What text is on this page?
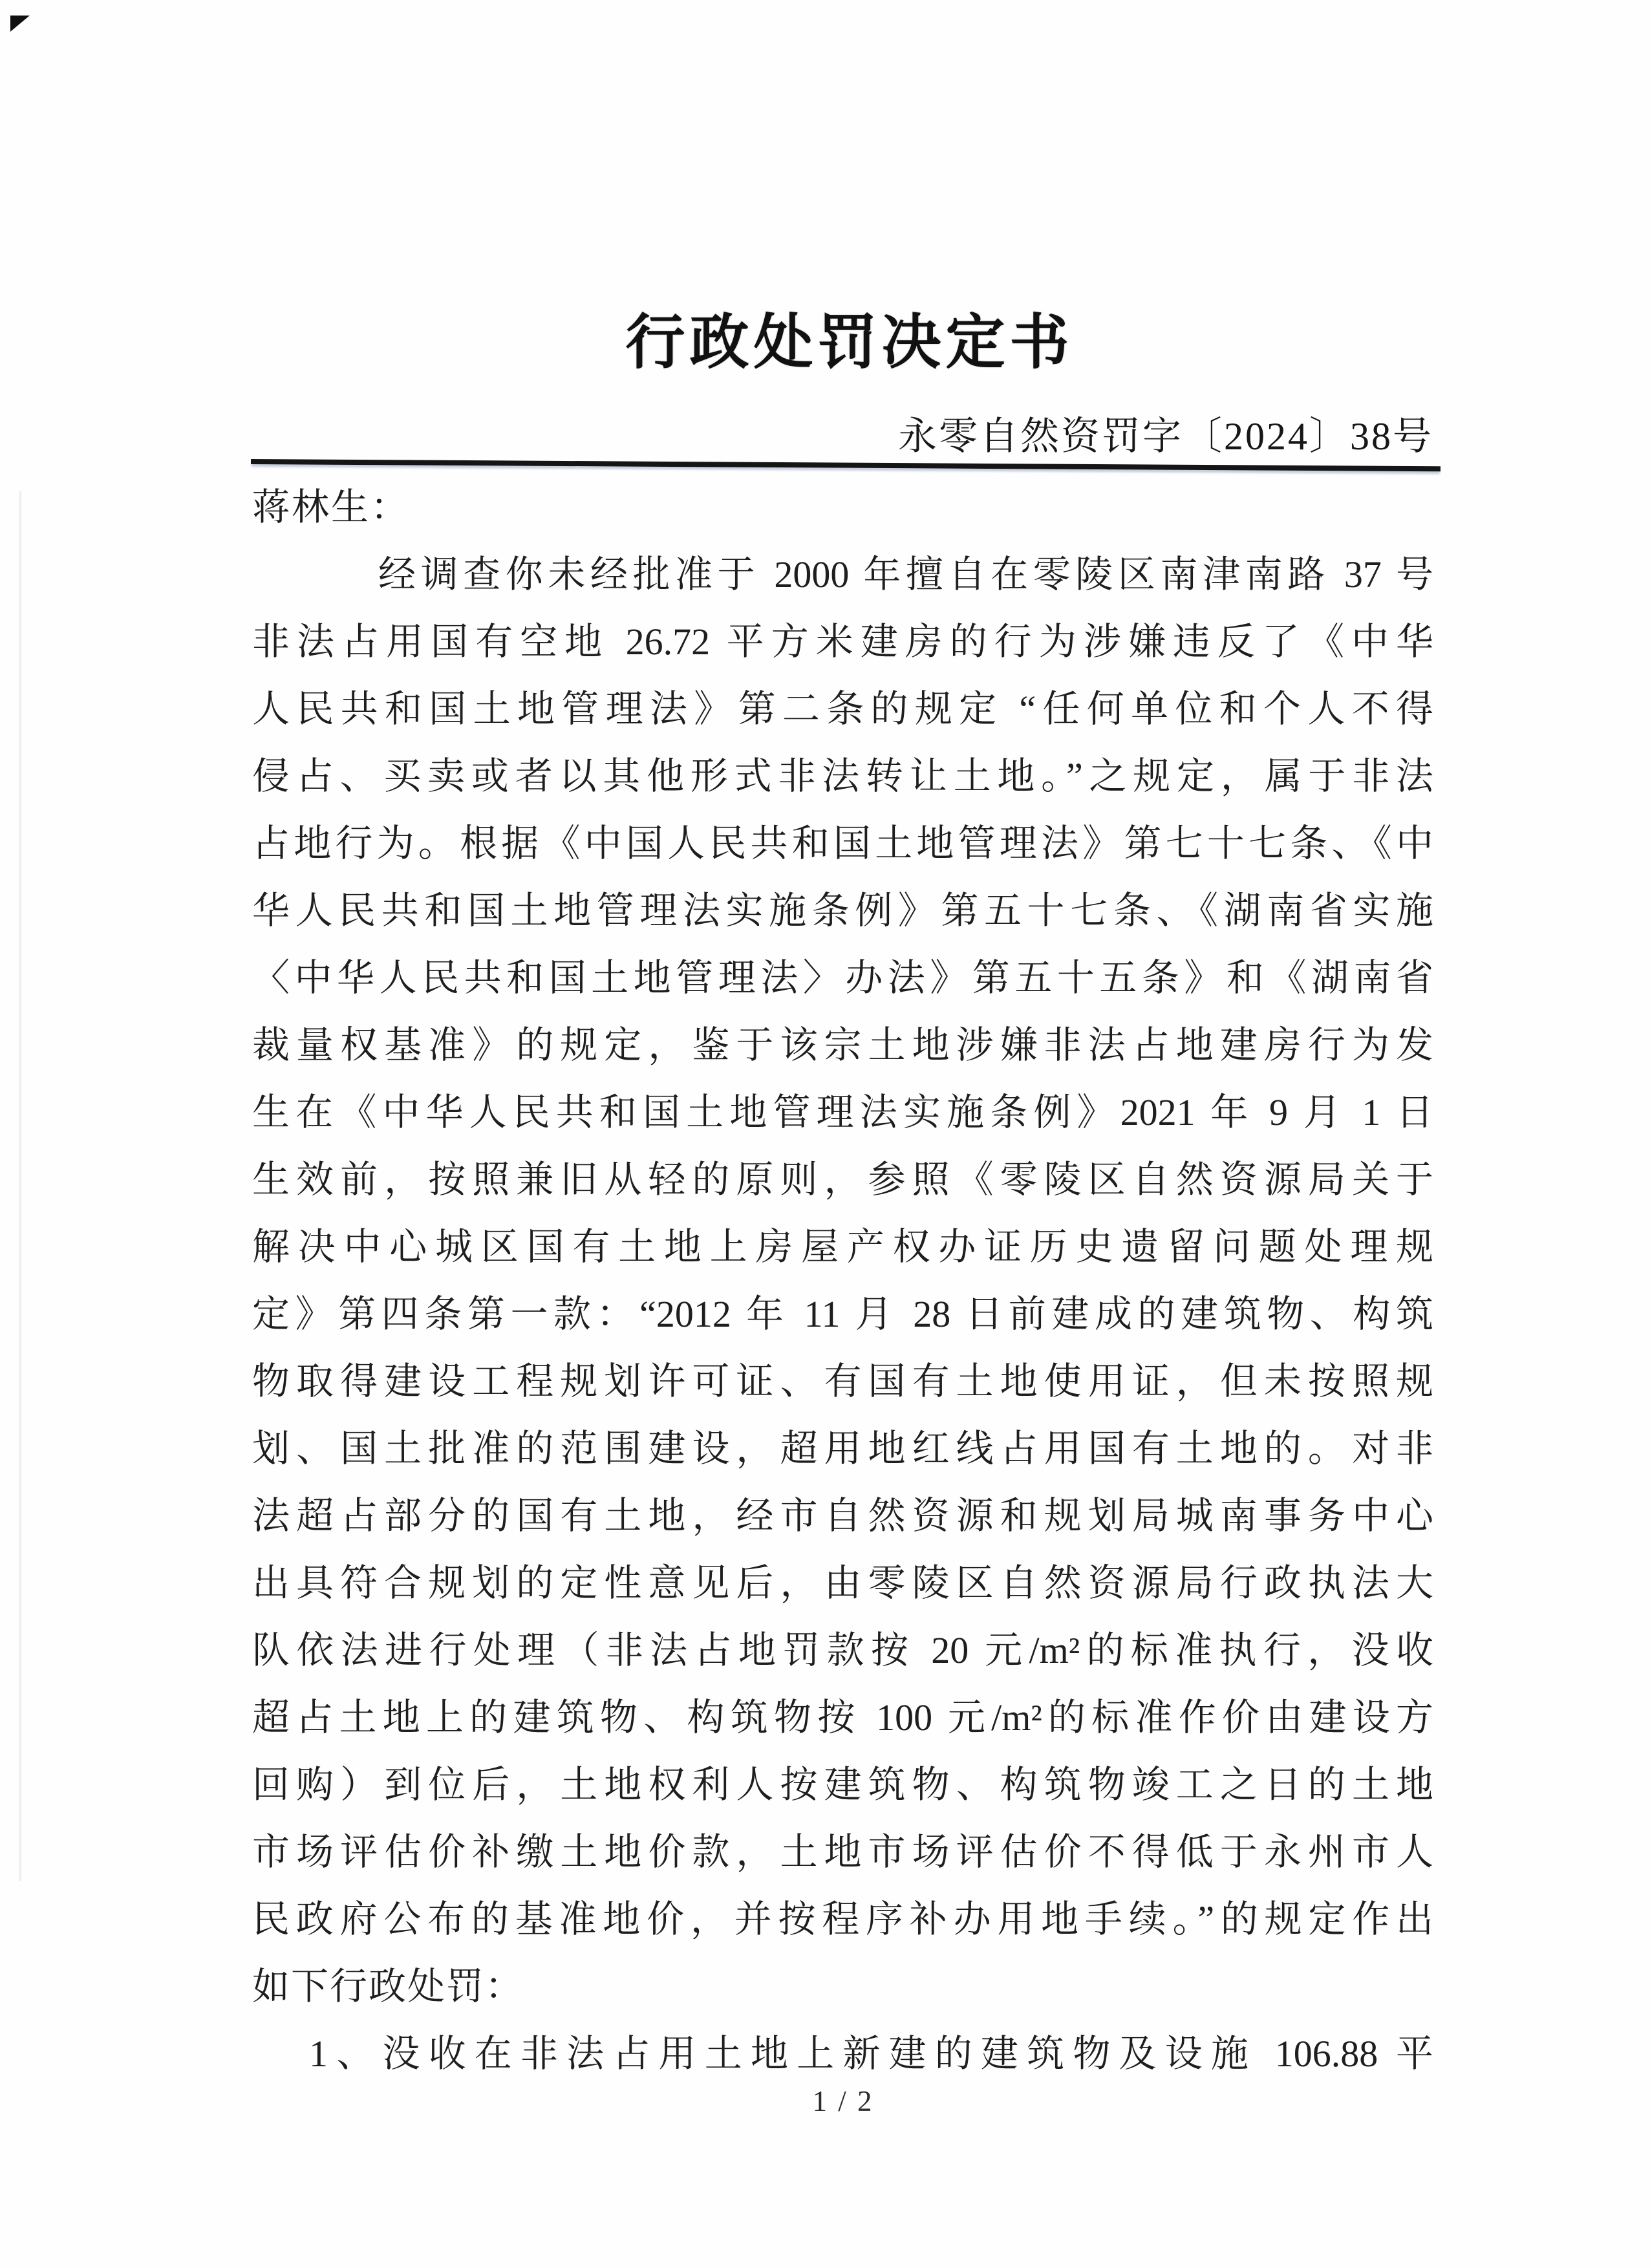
行政处罚决定书
永零自然资罚字〔2024〕38号
蒋林生：
经调查你未经批准于 2000 年擅自在零陵区南津南路 37 号
非法占用国有空地 26.72 平方米建房的行为涉嫌违反了《中华
人民共和国土地管理法》第二条的规定 “任何单位和个人不得
侵占、买卖或者以其他形式非法转让土地。”之规定，属于非法
占地行为。根据《中国人民共和国土地管理法》第七十七条、《中
华人民共和国土地管理法实施条例》第五十七条、《湖南省实施
〈中华人民共和国土地管理法〉办法》第五十五条》和《湖南省
裁量权基准》的规定，鉴于该宗土地涉嫌非法占地建房行为发
生在《中华人民共和国土地管理法实施条例》2021 年 9 月 1 日
生效前，按照兼旧从轻的原则，参照《零陵区自然资源局关于
解决中心城区国有土地上房屋产权办证历史遗留问题处理规
定》第四条第一款：“2012 年 11 月 28 日前建成的建筑物、构筑
物取得建设工程规划许可证、有国有土地使用证，但未按照规
划、国土批准的范围建设，超用地红线占用国有土地的。对非
法超占部分的国有土地，经市自然资源和规划局城南事务中心
出具符合规划的定性意见后，由零陵区自然资源局行政执法大
队依法进行处理（非法占地罚款按 20 元/m²的标准执行，没收
超占土地上的建筑物、构筑物按 100 元/m²的标准作价由建设方
回购）到位后，土地权利人按建筑物、构筑物竣工之日的土地
市场评估价补缴土地价款，土地市场评估价不得低于永州市人
民政府公布的基准地价，并按程序补办用地手续。”的规定作出
如下行政处罚：
1、没收在非法占用土地上新建的建筑物及设施 106.88 平
1 / 2
